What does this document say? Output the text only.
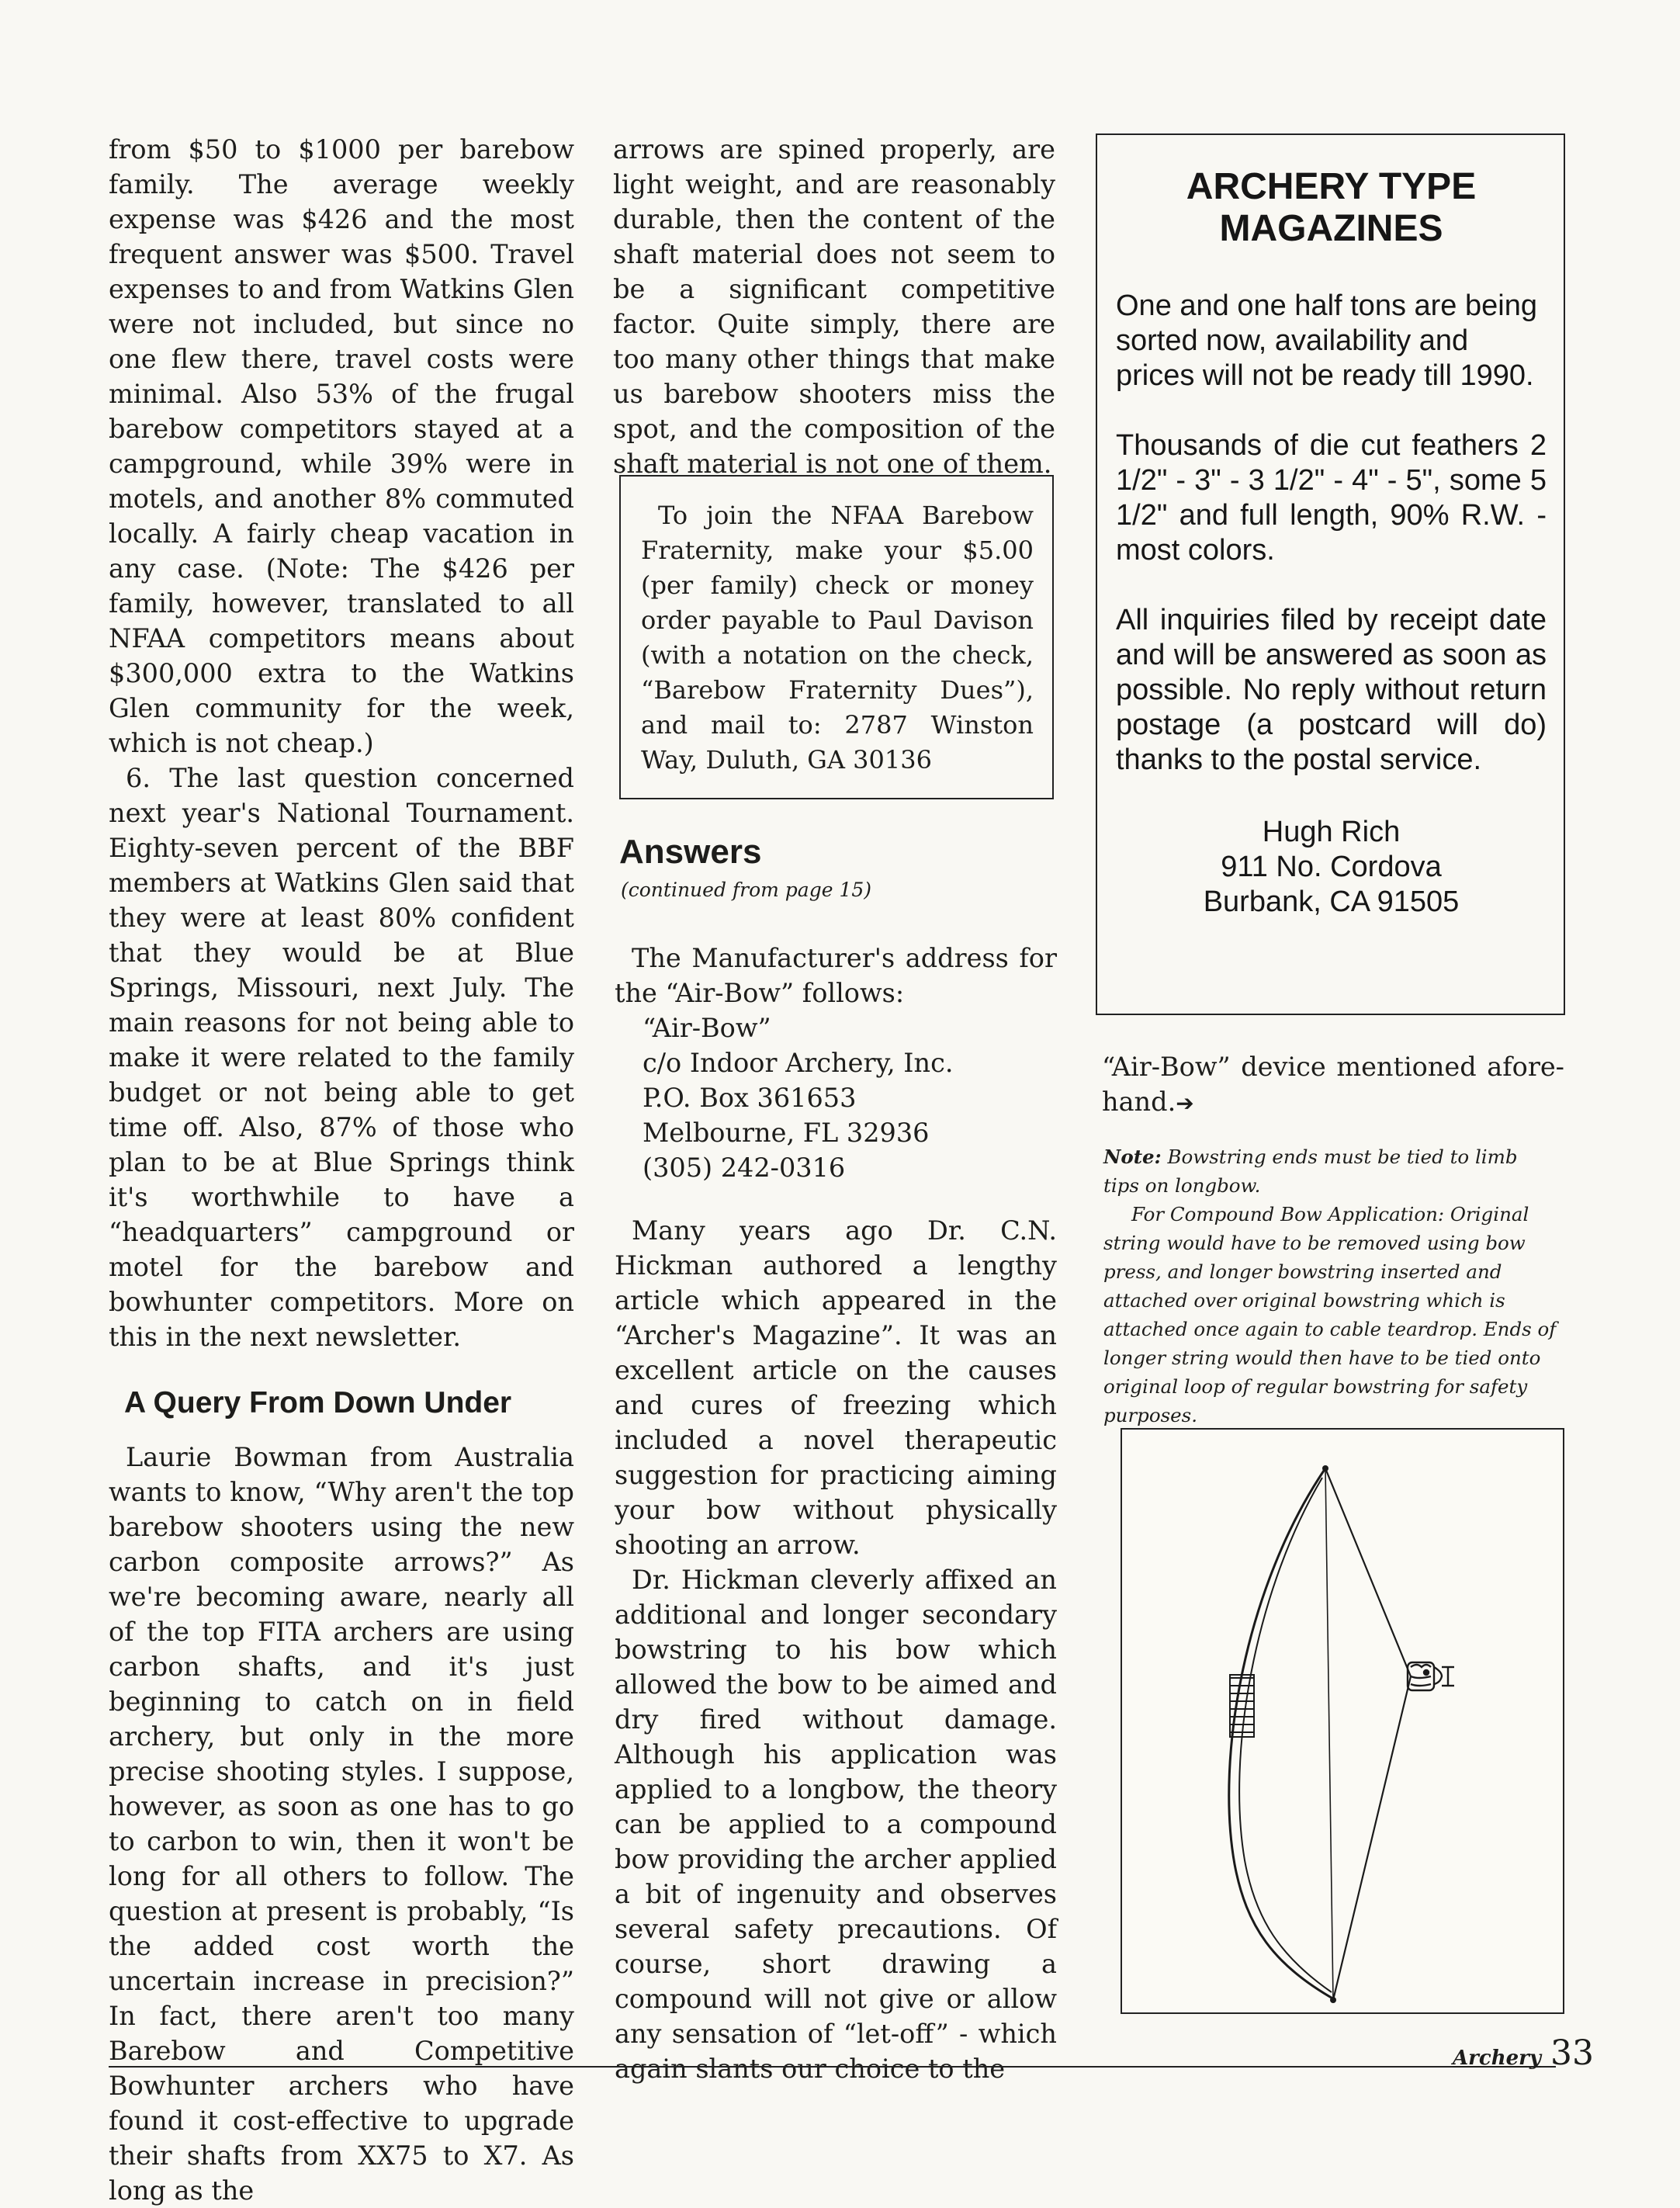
from $50 to $1000 per barebow family. The average weekly expense was $426 and the most frequent answer was $500. Travel expenses to and from Watkins Glen were not included, but since no one flew there, travel costs were minimal. Also 53% of the frugal barebow competitors stayed at a campground, while 39% were in motels, and another 8% commuted locally. A fairly cheap vacation in any case. (Note: The $426 per family, however, translated to all NFAA competitors means about $300,000 extra to the Watkins Glen community for the week, which is not cheap.)

6. The last question concerned next year's National Tournament. Eighty-seven percent of the BBF members at Watkins Glen said that they were at least 80% confident that they would be at Blue Springs, Missouri, next July. The main reasons for not being able to make it were related to the family budget or not being able to get time off. Also, 87% of those who plan to be at Blue Springs think it's worthwhile to have a “headquarters” campground or motel for the barebow and bowhunter competitors. More on this in the next newsletter.

A Query From Down Under

Laurie Bowman from Australia wants to know, “Why aren't the top barebow shooters using the new carbon composite arrows?” As we're becoming aware, nearly all of the top FITA archers are using carbon shafts, and it's just beginning to catch on in field archery, but only in the more precise shooting styles. I suppose, however, as soon as one has to go to carbon to win, then it won't be long for all others to follow. The question at present is probably, “Is the added cost worth the uncertain increase in precision?” In fact, there aren't too many Barebow and Competitive Bowhunter archers who have found it cost-effective to upgrade their shafts from XX75 to X7. As long as the

arrows are spined properly, are light weight, and are reasonably durable, then the content of the shaft material does not seem to be a significant competitive factor. Quite simply, there are too many other things that make us barebow shooters miss the spot, and the composition of the shaft material is not one of them.

To join the NFAA Barebow Fraternity, make your $5.00 (per family) check or money order payable to Paul Davison (with a notation on the check, “Barebow Fraternity Dues”), and mail to: 2787 Winston Way, Duluth, GA 30136

Answers
(continued from page 15)

The Manufacturer's address for the “Air-Bow” follows:

“Air-Bow”
c/o Indoor Archery, Inc.
P.O. Box 361653
Melbourne, FL 32936
(305) 242-0316

Many years ago Dr. C.N. Hickman authored a lengthy article which appeared in the “Archer's Magazine”. It was an excellent article on the causes and cures of freezing which included a novel therapeutic suggestion for practicing aiming your bow without physically shooting an arrow.

Dr. Hickman cleverly affixed an additional and longer secondary bowstring to his bow which allowed the bow to be aimed and dry fired without damage. Although his application was applied to a longbow, the theory can be applied to a compound bow providing the archer applied a bit of ingenuity and observes several safety precautions. Of course, short drawing a compound will not give or allow any sensation of “let-off” - which again slants our choice to the

ARCHERY TYPE
MAGAZINES

One and one half tons are being sorted now, availability and prices will not be ready till 1990.

Thousands of die cut feathers 2 1/2" - 3" - 3 1/2" - 4" - 5", some 5 1/2" and full length, 90% R.W. - most colors.

All inquiries filed by receipt date and will be answered as soon as possible. No reply without return postage (a postcard will do) thanks to the postal service.

Hugh Rich
911 No. Cordova
Burbank, CA 91505

“Air-Bow” device mentioned aforehand.➔

Note: Bowstring ends must be tied to limb tips on longbow.

For Compound Bow Application: Original string would have to be removed using bow press, and longer bowstring inserted and attached over original bowstring which is attached once again to cable teardrop. Ends of longer string would then have to be tied onto original loop of regular bowstring for safety purposes.

Archery 33
